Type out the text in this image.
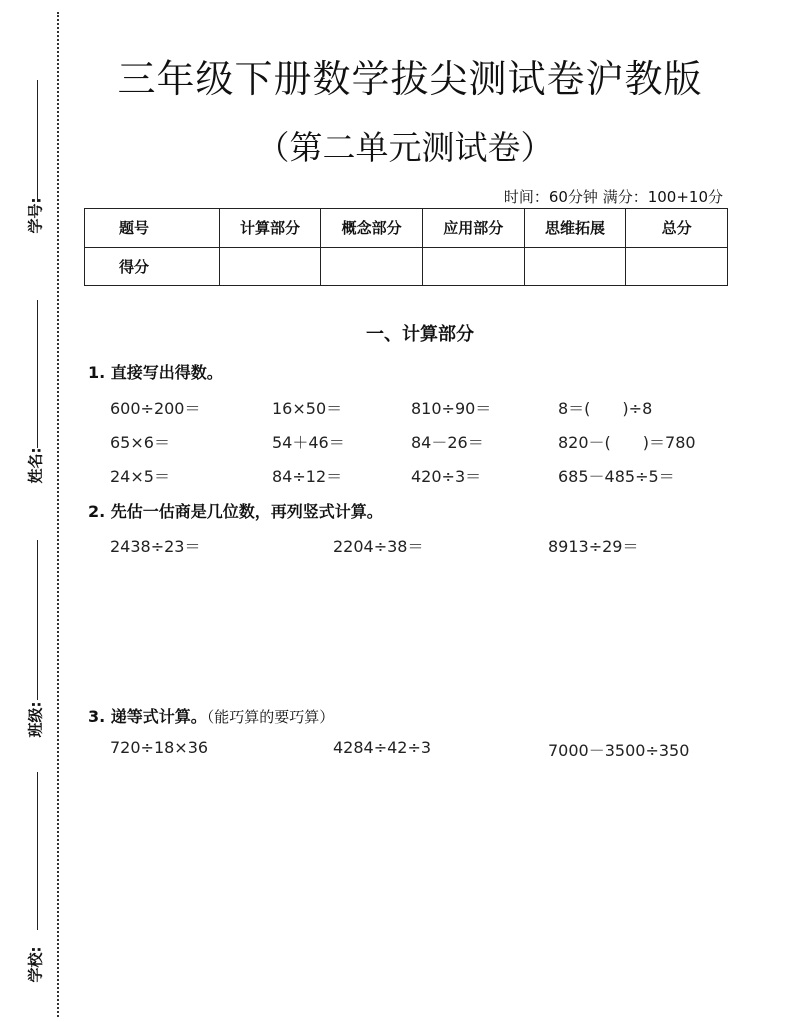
学号:
姓名:
班级:
学校:
三年级下册数学拔尖测试卷沪教版
（第二单元测试卷）
时间：60分钟 满分：100+10分
题号	计算部分	概念部分	应用部分	思维拓展	总分
得分					
一、计算部分
1. 直接写出得数。
600÷200＝	16×50＝	810÷90＝	8＝(　　)÷8
65×6＝	54＋46＝	84－26＝	820－(　　)＝780
24×5＝	84÷12＝	420÷3＝	685－485÷5＝
2. 先估一估商是几位数，再列竖式计算。
2438÷23＝	2204÷38＝	8913÷29＝
3. 递等式计算。（能巧算的要巧算）
720÷18×36	4284÷42÷3	7000－3500÷350
